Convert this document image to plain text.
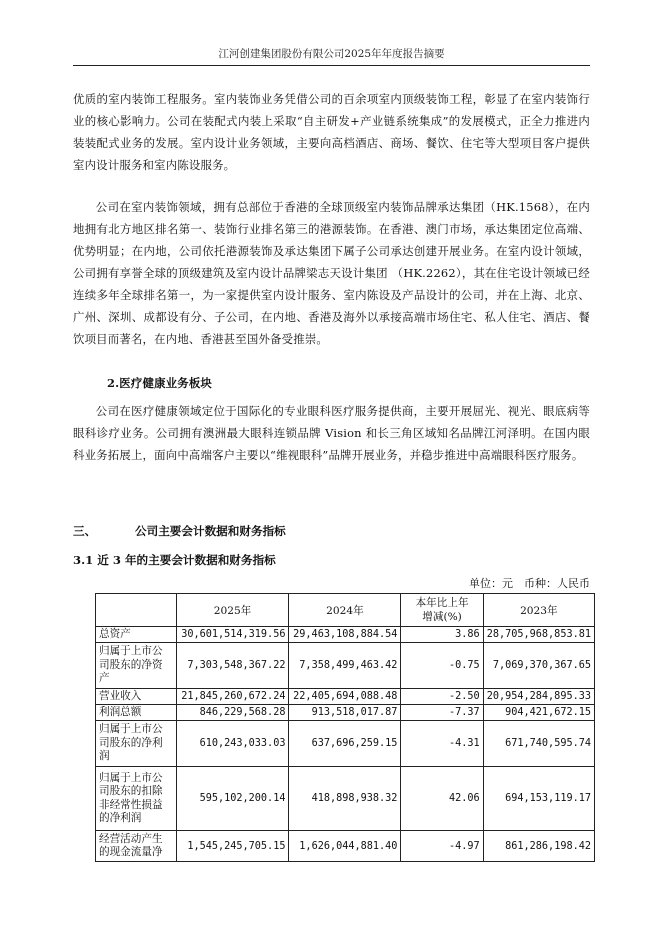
江河创建集团股份有限公司2025年年度报告摘要

优质的室内装饰工程服务。室内装饰业务凭借公司的百余项室内顶级装饰工程，彰显了在室内装饰行业的核心影响力。公司在装配式内装上采取“自主研发+产业链系统集成”的发展模式，正全力推进内装装配式业务的发展。室内设计业务领域，主要向高档酒店、商场、餐饮、住宅等大型项目客户提供室内设计服务和室内陈设服务。

公司在室内装饰领域，拥有总部位于香港的全球顶级室内装饰品牌承达集团（HK.1568），在内地拥有北方地区排名第一、装饰行业排名第三的港源装饰。在香港、澳门市场，承达集团定位高端、优势明显；在内地，公司依托港源装饰及承达集团下属子公司承达创建开展业务。在室内设计领域，公司拥有享誉全球的顶级建筑及室内设计品牌梁志天设计集团 （HK.2262），其在住宅设计领域已经连续多年全球排名第一，为一家提供室内设计服务、室内陈设及产品设计的公司，并在上海、北京、广州、深圳、成都设有分、子公司，在内地、香港及海外以承接高端市场住宅、私人住宅、酒店、餐饮项目而著名，在内地、香港甚至国外备受推崇。

2.医疗健康业务板块

公司在医疗健康领域定位于国际化的专业眼科医疗服务提供商，主要开展屈光、视光、眼底病等眼科诊疗业务。公司拥有澳洲最大眼科连锁品牌 Vision 和长三角区域知名品牌江河泽明。在国内眼科业务拓展上，面向中高端客户主要以“维视眼科”品牌开展业务，并稳步推进中高端眼科医疗服务。

三、	公司主要会计数据和财务指标
3.1 近 3 年的主要会计数据和财务指标
单位：元　币种：人民币
	2025年	2024年	本年比上年
增减(%)	2023年
总资产	30,601,514,319.56	29,463,108,884.54	3.86	28,705,968,853.81
归属于上市公司股东的净资产	7,303,548,367.22	7,358,499,463.42	-0.75	7,069,370,367.65
营业收入	21,845,260,672.24	22,405,694,088.48	-2.50	20,954,284,895.33
利润总额	846,229,568.28	913,518,017.87	-7.37	904,421,672.15
归属于上市公司股东的净利润	610,243,033.03	637,696,259.15	-4.31	671,740,595.74
归属于上市公司股东的扣除非经常性损益的净利润	595,102,200.14	418,898,938.32	42.06	694,153,119.17
经营活动产生的现金流量净	1,545,245,705.15	1,626,044,881.40	-4.97	861,286,198.42
